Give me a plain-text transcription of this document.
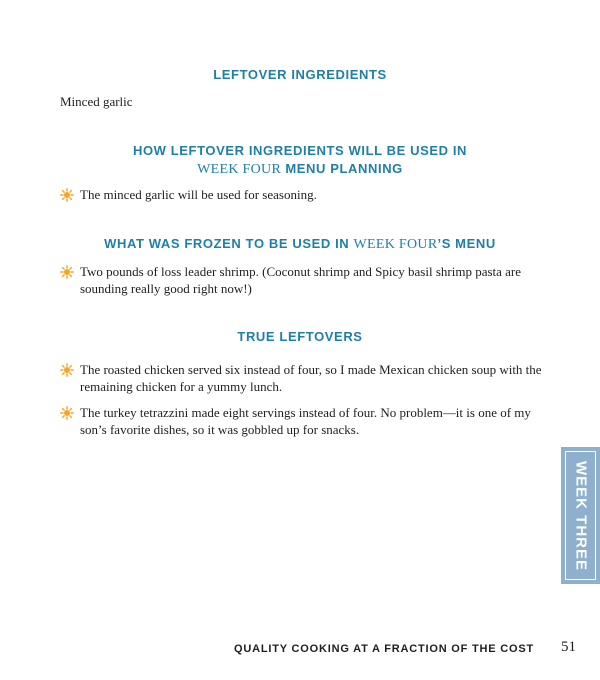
LEFTOVER INGREDIENTS

Minced garlic

HOW LEFTOVER INGREDIENTS WILL BE USED IN
WEEK FOUR MENU PLANNING
The minced garlic will be used for seasoning.
WHAT WAS FROZEN TO BE USED IN WEEK FOUR’S MENU
Two pounds of loss leader shrimp. (Coconut shrimp and Spicy basil shrimp pasta are sounding really good right now!)
TRUE LEFTOVERS
The roasted chicken served six instead of four, so I made Mexican chicken soup with the remaining chicken for a yummy lunch.
The turkey tetrazzini made eight servings instead of four. No problem—it is one of my son’s favorite dishes, so it was gobbled up for snacks.
WEEK THREE
QUALITY COOKING AT A FRACTION OF THE COST 51
